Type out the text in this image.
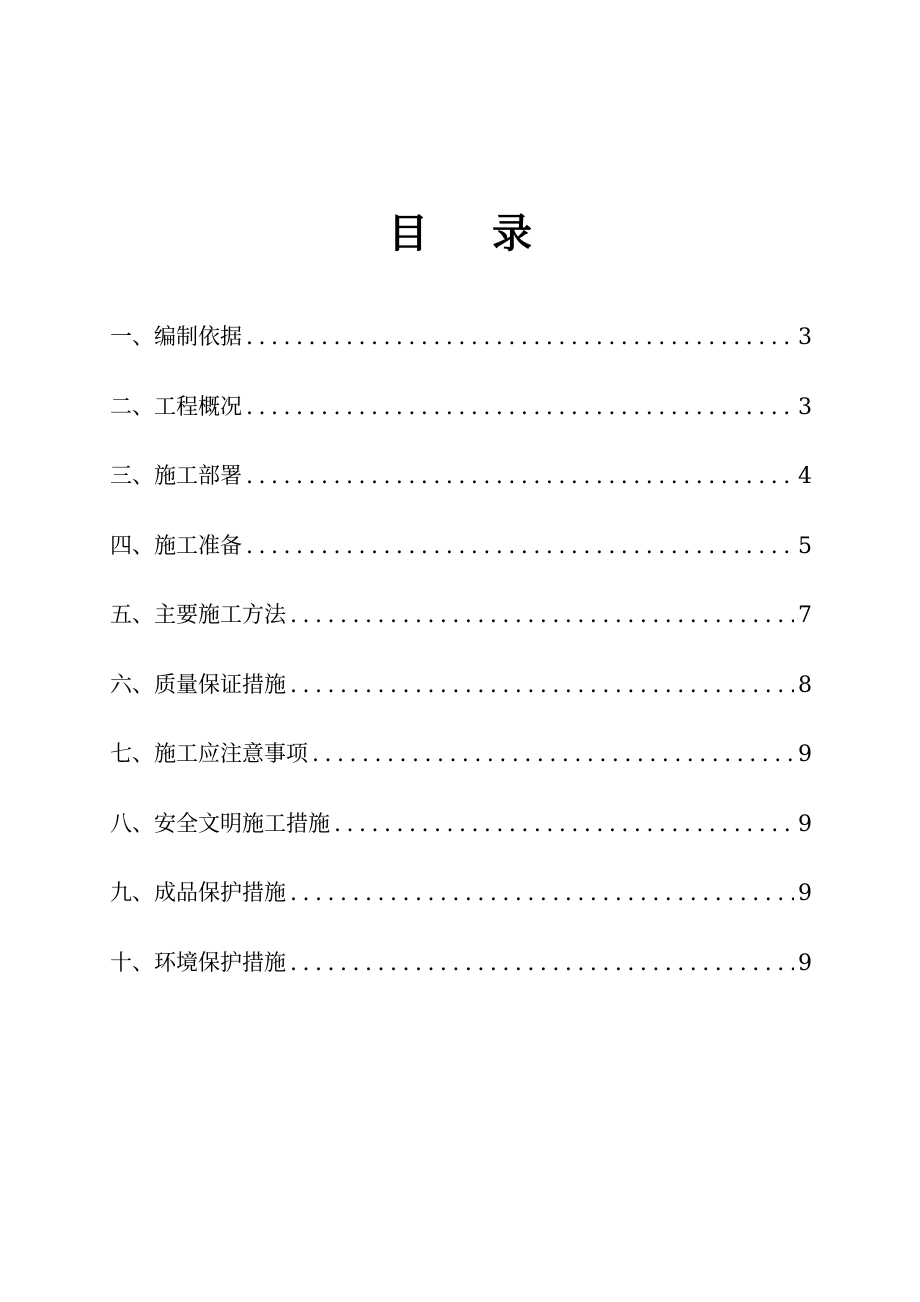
目 录
一、编制依据 .....	3
二、工程概况 .....	3
三、施工部署 .....	4
四、施工准备 .....	5
五、主要施工方法 .....	7
六、质量保证措施 .....	8
七、施工应注意事项 .....	9
八、安全文明施工措施 .....	9
九、成品保护措施 .....	9
十、环境保护措施 .....	9
